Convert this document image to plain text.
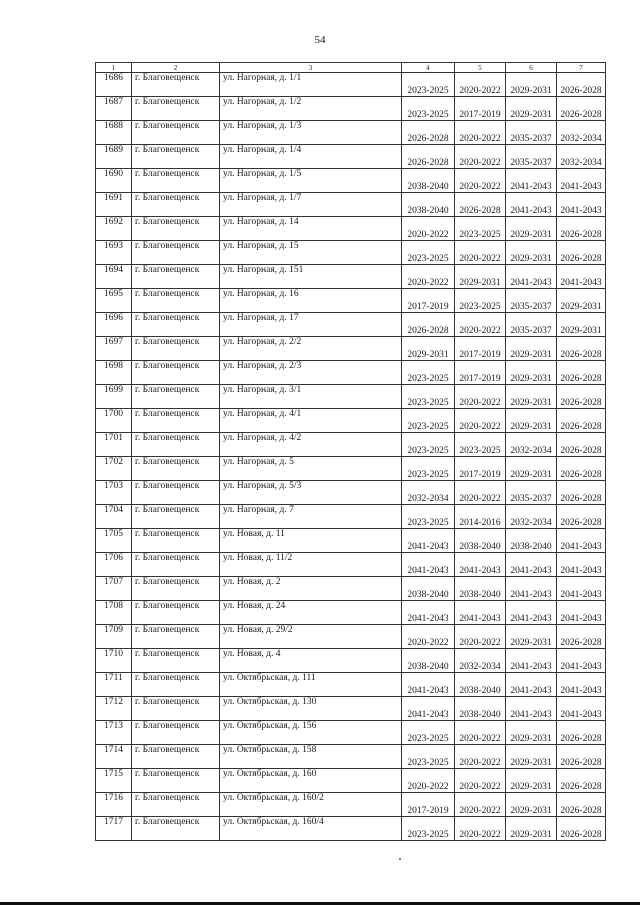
54
1	2	3	4	5	6	7
1686	г. Благовещенск	ул. Нагорная, д. 1/1	2023-2025	2020-2022	2029-2031	2026-2028
1687	г. Благовещенск	ул. Нагорная, д. 1/2	2023-2025	2017-2019	2029-2031	2026-2028
1688	г. Благовещенск	ул. Нагорная, д. 1/3	2026-2028	2020-2022	2035-2037	2032-2034
1689	г. Благовещенск	ул. Нагорная, д. 1/4	2026-2028	2020-2022	2035-2037	2032-2034
1690	г. Благовещенск	ул. Нагорная, д. 1/5	2038-2040	2020-2022	2041-2043	2041-2043
1691	г. Благовещенск	ул. Нагорная, д. 1/7	2038-2040	2026-2028	2041-2043	2041-2043
1692	г. Благовещенск	ул. Нагорная, д. 14	2020-2022	2023-2025	2029-2031	2026-2028
1693	г. Благовещенск	ул. Нагорная, д. 15	2023-2025	2020-2022	2029-2031	2026-2028
1694	г. Благовещенск	ул. Нагорная, д. 151	2020-2022	2029-2031	2041-2043	2041-2043
1695	г. Благовещенск	ул. Нагорная, д. 16	2017-2019	2023-2025	2035-2037	2029-2031
1696	г. Благовещенск	ул. Нагорная, д. 17	2026-2028	2020-2022	2035-2037	2029-2031
1697	г. Благовещенск	ул. Нагорная, д. 2/2	2029-2031	2017-2019	2029-2031	2026-2028
1698	г. Благовещенск	ул. Нагорная, д. 2/3	2023-2025	2017-2019	2029-2031	2026-2028
1699	г. Благовещенск	ул. Нагорная, д. 3/1	2023-2025	2020-2022	2029-2031	2026-2028
1700	г. Благовещенск	ул. Нагорная, д. 4/1	2023-2025	2020-2022	2029-2031	2026-2028
1701	г. Благовещенск	ул. Нагорная, д. 4/2	2023-2025	2023-2025	2032-2034	2026-2028
1702	г. Благовещенск	ул. Нагорная, д. 5	2023-2025	2017-2019	2029-2031	2026-2028
1703	г. Благовещенск	ул. Нагорная, д. 5/3	2032-2034	2020-2022	2035-2037	2026-2028
1704	г. Благовещенск	ул. Нагорная, д. 7	2023-2025	2014-2016	2032-2034	2026-2028
1705	г. Благовещенск	ул. Новая, д. 11	2041-2043	2038-2040	2038-2040	2041-2043
1706	г. Благовещенск	ул. Новая, д. 11/2	2041-2043	2041-2043	2041-2043	2041-2043
1707	г. Благовещенск	ул. Новая, д. 2	2038-2040	2038-2040	2041-2043	2041-2043
1708	г. Благовещенск	ул. Новая, д. 24	2041-2043	2041-2043	2041-2043	2041-2043
1709	г. Благовещенск	ул. Новая, д. 29/2	2020-2022	2020-2022	2029-2031	2026-2028
1710	г. Благовещенск	ул. Новая, д. 4	2038-2040	2032-2034	2041-2043	2041-2043
1711	г. Благовещенск	ул. Октябрьская, д. 111	2041-2043	2038-2040	2041-2043	2041-2043
1712	г. Благовещенск	ул. Октябрьская, д. 130	2041-2043	2038-2040	2041-2043	2041-2043
1713	г. Благовещенск	ул. Октябрьская, д. 156	2023-2025	2020-2022	2029-2031	2026-2028
1714	г. Благовещенск	ул. Октябрьская, д. 158	2023-2025	2020-2022	2029-2031	2026-2028
1715	г. Благовещенск	ул. Октябрьская, д. 160	2020-2022	2020-2022	2029-2031	2026-2028
1716	г. Благовещенск	ул. Октябрьская, д. 160/2	2017-2019	2020-2022	2029-2031	2026-2028
1717	г. Благовещенск	ул. Октябрьская, д. 160/4	2023-2025	2020-2022	2029-2031	2026-2028
